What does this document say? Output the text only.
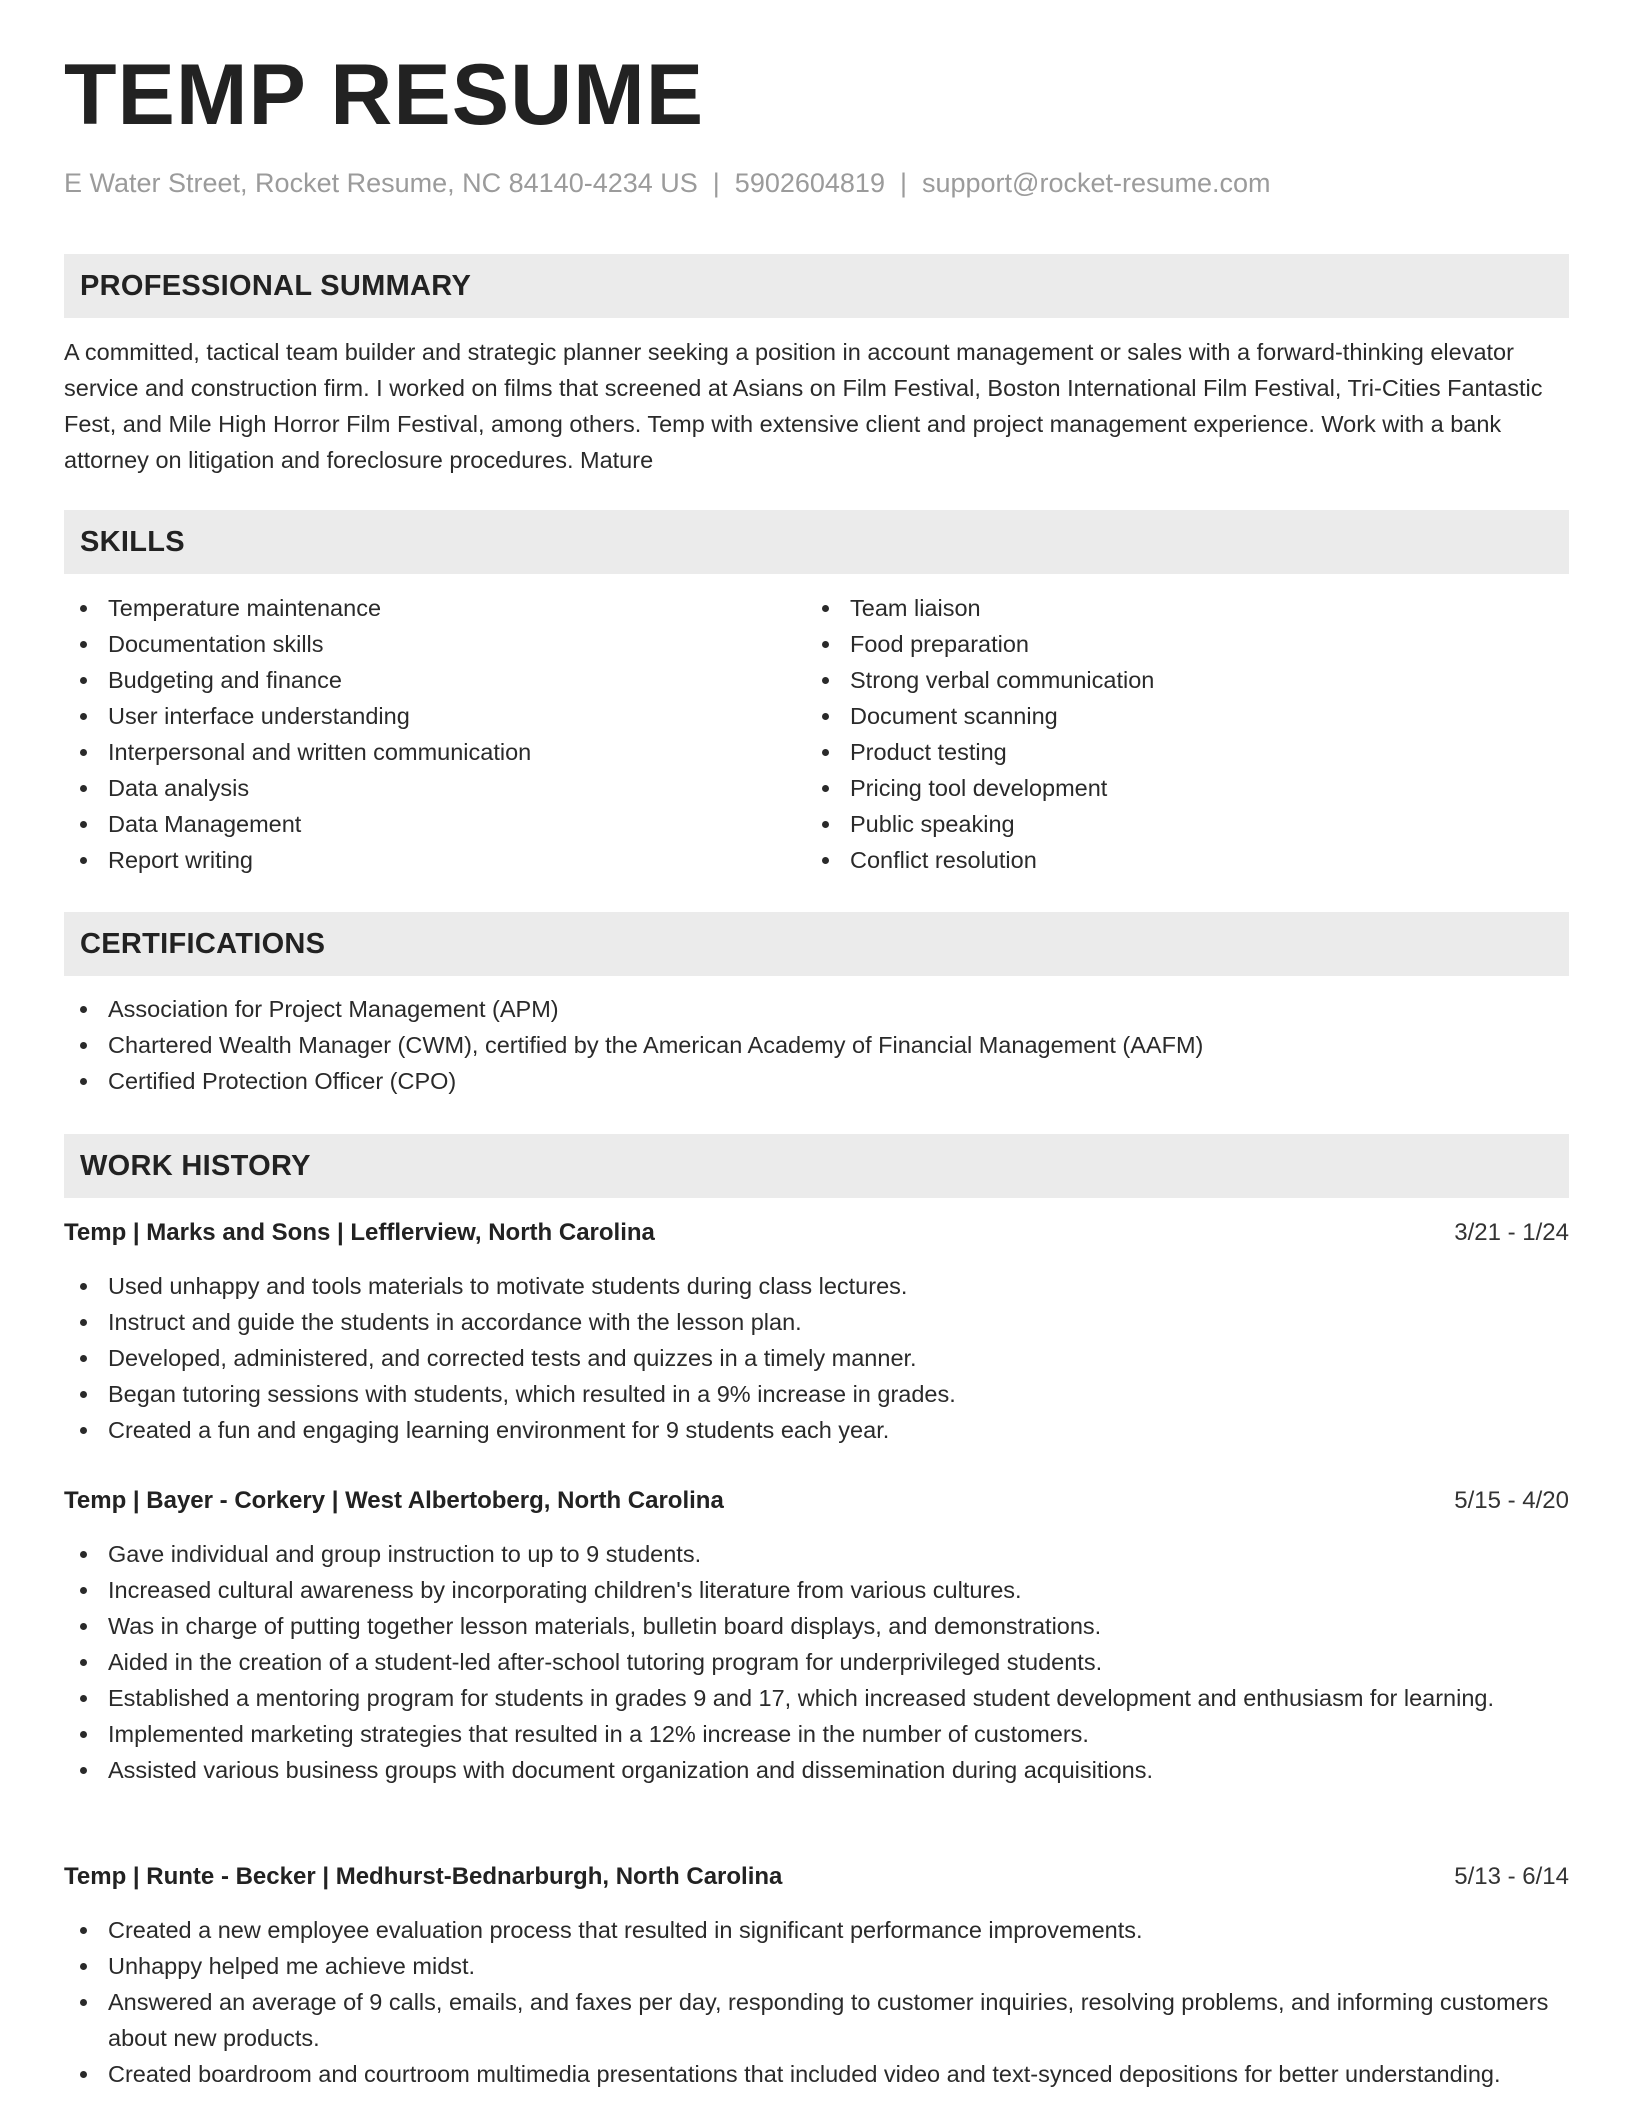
TEMP RESUME
E Water Street, Rocket Resume, NC 84140-4234 US | 5902604819 | support@rocket-resume.com
PROFESSIONAL SUMMARY

A committed, tactical team builder and strategic planner seeking a position in account management or sales with a forward-thinking elevator service and construction firm. I worked on films that screened at Asians on Film Festival, Boston International Film Festival, Tri-Cities Fantastic Fest, and Mile High Horror Film Festival, among others. Temp with extensive client and project management experience. Work with a bank attorney on litigation and foreclosure procedures. Mature

SKILLS
Temperature maintenance
Documentation skills
Budgeting and finance
User interface understanding
Interpersonal and written communication
Data analysis
Data Management
Report writing
Team liaison
Food preparation
Strong verbal communication
Document scanning
Product testing
Pricing tool development
Public speaking
Conflict resolution
CERTIFICATIONS
Association for Project Management (APM)
Chartered Wealth Manager (CWM), certified by the American Academy of Financial Management (AAFM)
Certified Protection Officer (CPO)
WORK HISTORY
Temp | Marks and Sons | Lefflerview, North Carolina	3/21 - 1/24
Used unhappy and tools materials to motivate students during class lectures.
Instruct and guide the students in accordance with the lesson plan.
Developed, administered, and corrected tests and quizzes in a timely manner.
Began tutoring sessions with students, which resulted in a 9% increase in grades.
Created a fun and engaging learning environment for 9 students each year.
Temp | Bayer - Corkery | West Albertoberg, North Carolina	5/15 - 4/20
Gave individual and group instruction to up to 9 students.
Increased cultural awareness by incorporating children's literature from various cultures.
Was in charge of putting together lesson materials, bulletin board displays, and demonstrations.
Aided in the creation of a student-led after-school tutoring program for underprivileged students.
Established a mentoring program for students in grades 9 and 17, which increased student development and enthusiasm for learning.
Implemented marketing strategies that resulted in a 12% increase in the number of customers.
Assisted various business groups with document organization and dissemination during acquisitions.
Temp | Runte - Becker | Medhurst-Bednarburgh, North Carolina	5/13 - 6/14
Created a new employee evaluation process that resulted in significant performance improvements.
Unhappy helped me achieve midst.
Answered an average of 9 calls, emails, and faxes per day, responding to customer inquiries, resolving problems, and informing customers about new products.
Created boardroom and courtroom multimedia presentations that included video and text-synced depositions for better understanding.
